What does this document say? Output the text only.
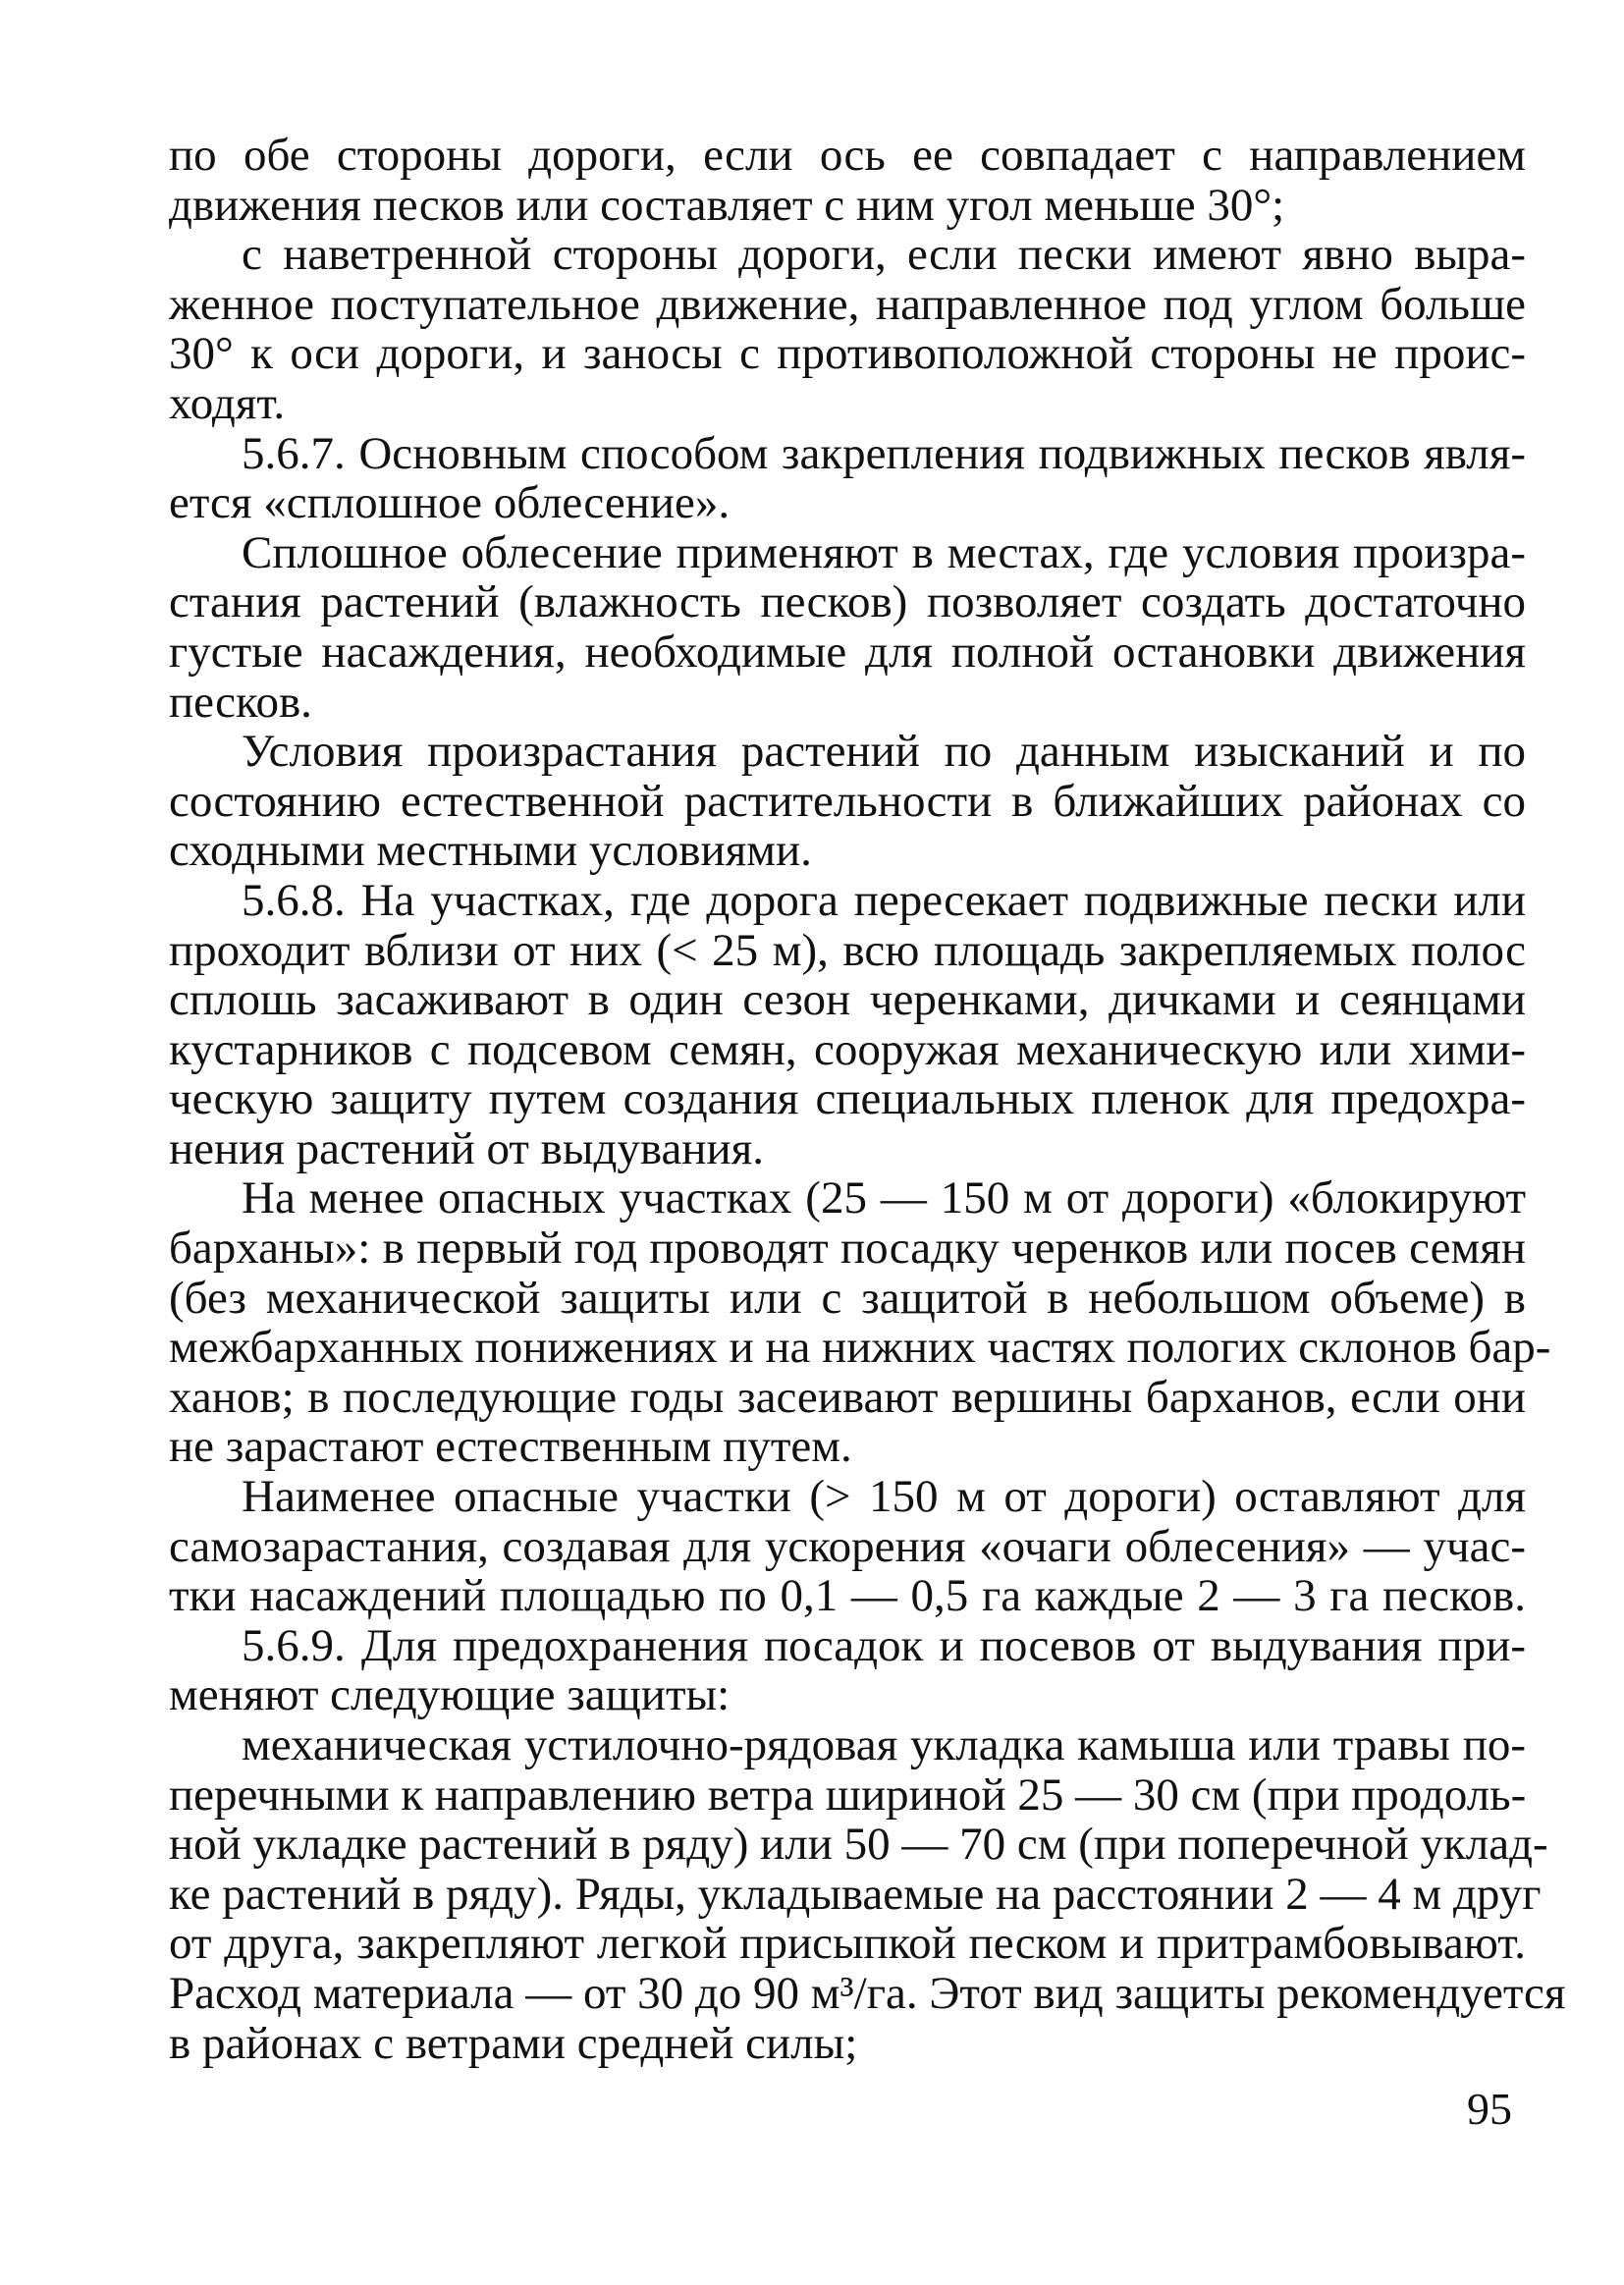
по обе стороны дороги, если ось ее совпадает с направлением
движения песков или составляет с ним угол меньше 30°;
с наветренной стороны дороги, если пески имеют явно выра-
женное поступательное движение, направленное под углом больше
30° к оси дороги, и заносы с противоположной стороны не проис-
ходят.
5.6.7. Основным способом закрепления подвижных песков явля-
ется «сплошное облесение».
Сплошное облесение применяют в местах, где условия произра-
стания растений (влажность песков) позволяет создать достаточно
густые насаждения, необходимые для полной остановки движения
песков.
Условия произрастания растений по данным изысканий и по
состоянию естественной растительности в ближайших районах со
сходными местными условиями.
5.6.8. На участках, где дорога пересекает подвижные пески или
проходит вблизи от них (< 25 м), всю площадь закрепляемых полос
сплошь засаживают в один сезон черенками, дичками и сеянцами
кустарников с подсевом семян, сооружая механическую или хими-
ческую защиту путем создания специальных пленок для предохра-
нения растений от выдувания.
На менее опасных участках (25 — 150 м от дороги) «блокируют
барханы»: в первый год проводят посадку черенков или посев семян
(без механической защиты или с защитой в небольшом объеме) в
межбарханных понижениях и на нижних частях пологих склонов бар-
ханов; в последующие годы засеивают вершины барханов, если они
не зарастают естественным путем.
Наименее опасные участки (> 150 м от дороги) оставляют для
самозарастания, создавая для ускорения «очаги облесения» — учас-
тки насаждений площадью по 0,1 — 0,5 га каждые 2 — 3 га песков.
5.6.9. Для предохранения посадок и посевов от выдувания при-
меняют следующие защиты:
механическая устилочно-рядовая укладка камыша или травы по-
перечными к направлению ветра шириной 25 — 30 см (при продоль-
ной укладке растений в ряду) или 50 — 70 см (при поперечной уклад-
ке растений в ряду). Ряды, укладываемые на расстоянии 2 — 4 м друг
от друга, закрепляют легкой присыпкой песком и притрамбовывают.
Расход материала — от 30 до 90 м³/га. Этот вид защиты рекомендуется
в районах с ветрами средней силы;
95
